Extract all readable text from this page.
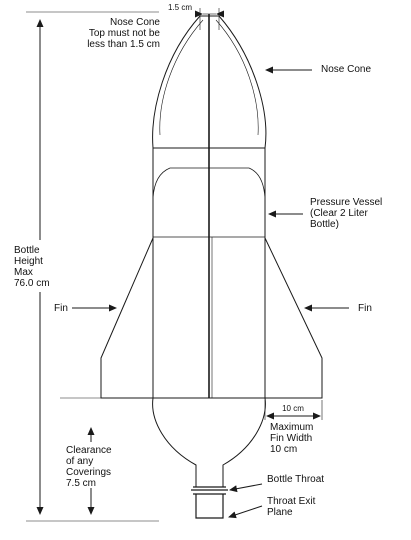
1.5 cm
Nose Cone
Top must not be
less than 1.5 cm
Nose Cone
Pressure Vessel
(Clear 2 Liter
Bottle)
Bottle
Height
Max
76.0 cm
Fin	Fin
10 cm
Maximum
Fin Width
10 cm
Clearance
of any
Coverings
7.5 cm	Bottle Throat
Throat Exit
Plane
